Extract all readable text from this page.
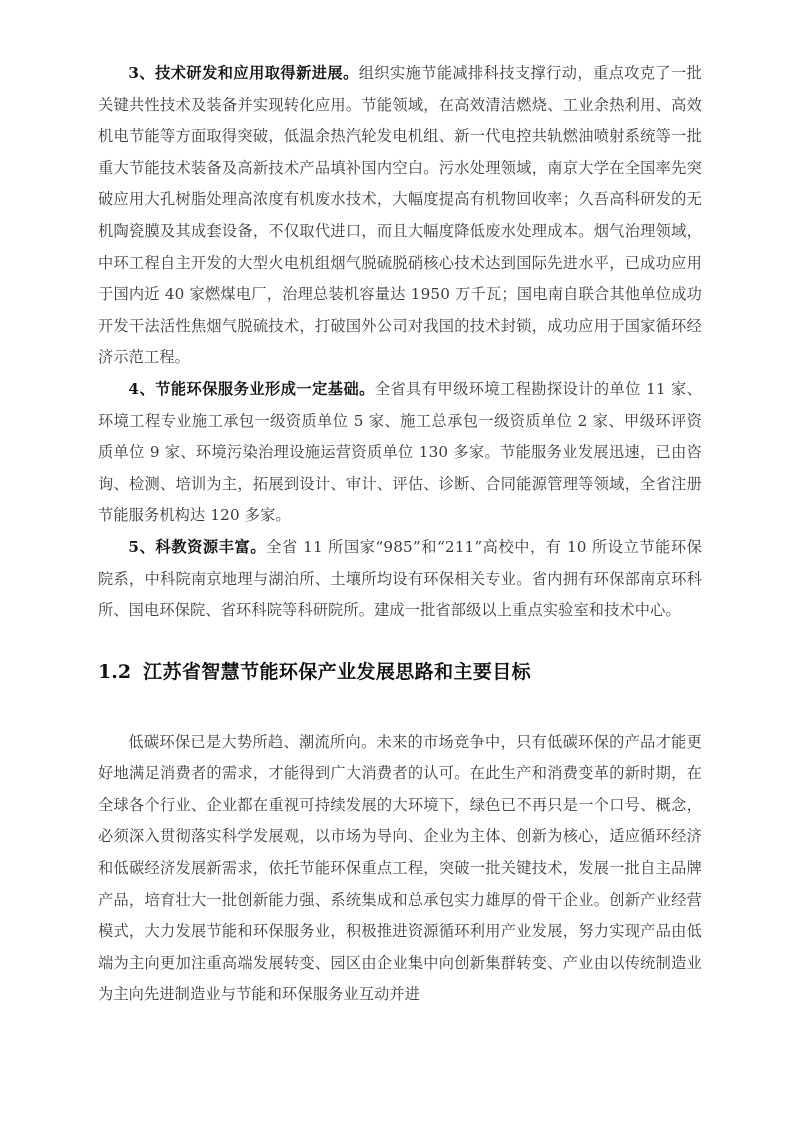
3、技术研发和应用取得新进展。组织实施节能减排科技支撑行动，重点攻克了一批关键共性技术及装备并实现转化应用。节能领域，在高效清洁燃烧、工业余热利用、高效机电节能等方面取得突破，低温余热汽轮发电机组、新一代电控共轨燃油喷射系统等一批重大节能技术装备及高新技术产品填补国内空白。污水处理领域，南京大学在全国率先突破应用大孔树脂处理高浓度有机废水技术，大幅度提高有机物回收率；久吾高科研发的无机陶瓷膜及其成套设备，不仅取代进口，而且大幅度降低废水处理成本。烟气治理领域，中环工程自主开发的大型火电机组烟气脱硫脱硝核心技术达到国际先进水平，已成功应用于国内近 40 家燃煤电厂，治理总装机容量达 1950 万千瓦；国电南自联合其他单位成功开发干法活性焦烟气脱硫技术，打破国外公司对我国的技术封锁，成功应用于国家循环经济示范工程。

4、节能环保服务业形成一定基础。全省具有甲级环境工程勘探设计的单位 11 家、环境工程专业施工承包一级资质单位 5 家、施工总承包一级资质单位 2 家、甲级环评资质单位 9 家、环境污染治理设施运营资质单位 130 多家。节能服务业发展迅速，已由咨询、检测、培训为主，拓展到设计、审计、评估、诊断、合同能源管理等领域，全省注册节能服务机构达 120 多家。

5、科教资源丰富。全省 11 所国家“985”和“211”高校中，有 10 所设立节能环保院系，中科院南京地理与湖泊所、土壤所均设有环保相关专业。省内拥有环保部南京环科所、国电环保院、省环科院等科研院所。建成一批省部级以上重点实验室和技术中心。

1.2 江苏省智慧节能环保产业发展思路和主要目标

低碳环保已是大势所趋、潮流所向。未来的市场竞争中，只有低碳环保的产品才能更好地满足消费者的需求，才能得到广大消费者的认可。在此生产和消费变革的新时期，在全球各个行业、企业都在重视可持续发展的大环境下，绿色已不再只是一个口号、概念，必须深入贯彻落实科学发展观，以市场为导向、企业为主体、创新为核心，适应循环经济和低碳经济发展新需求，依托节能环保重点工程，突破一批关键技术，发展一批自主品牌产品，培育壮大一批创新能力强、系统集成和总承包实力雄厚的骨干企业。创新产业经营模式，大力发展节能和环保服务业，积极推进资源循环利用产业发展，努力实现产品由低端为主向更加注重高端发展转变、园区由企业集中向创新集群转变、产业由以传统制造业为主向先进制造业与节能和环保服务业互动并进
